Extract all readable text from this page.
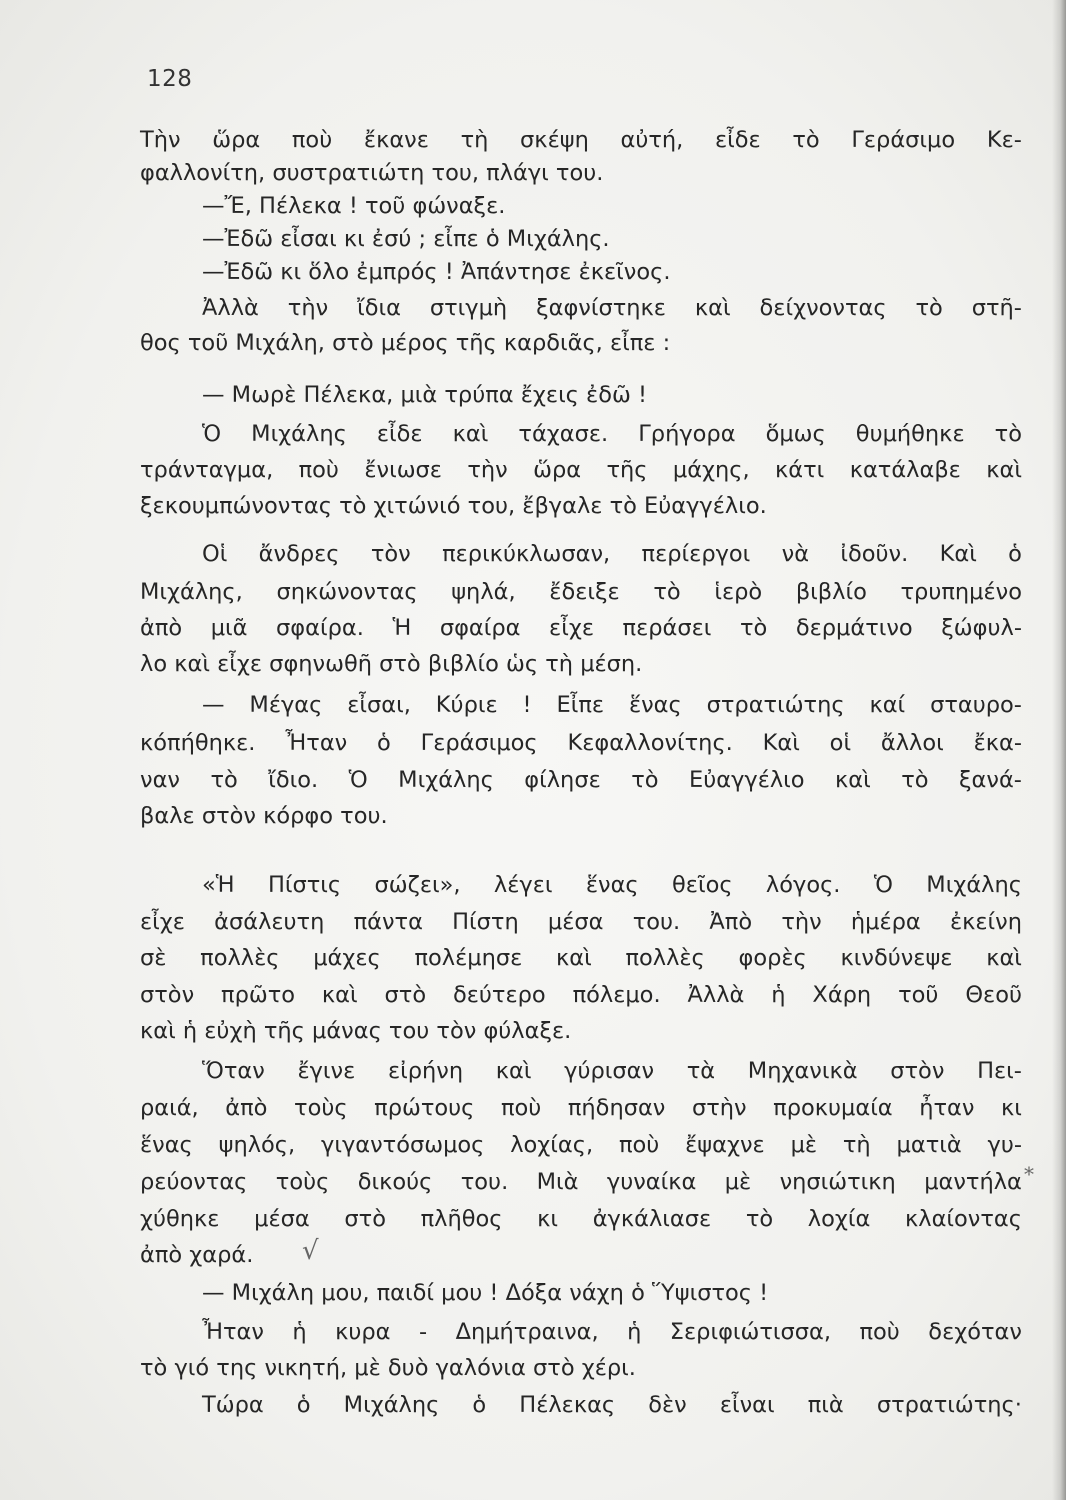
128
Τὴν ὥρα ποὺ ἔκανε τὴ σκέψη αὐτή, εἶδε τὸ Γεράσιμο Κε-
φαλλονίτη, συστρατιώτη του, πλάγι του.
—Ἔ, Πέλεκα ! τοῦ φώναξε.
—Ἐδῶ εἶσαι κι ἐσύ ; εἶπε ὁ Μιχάλης.
—Ἐδῶ κι ὅλο ἐμπρός ! Ἀπάντησε ἐκεῖνος.
Ἀλλὰ τὴν ἴδια στιγμὴ ξαφνίστηκε καὶ δείχνοντας τὸ στῆ-
θος τοῦ Μιχάλη, στὸ μέρος τῆς καρδιᾶς, εἶπε :
— Μωρὲ Πέλεκα, μιὰ τρύπα ἔχεις ἐδῶ !
Ὁ Μιχάλης εἶδε καὶ τάχασε. Γρήγορα ὅμως θυμήθηκε τὸ
τράνταγμα, ποὺ ἔνιωσε τὴν ὥρα τῆς μάχης, κάτι κατάλαβε καὶ
ξεκουμπώνοντας τὸ χιτώνιό του, ἔβγαλε τὸ Εὐαγγέλιο.
Οἱ ἄνδρες τὸν περικύκλωσαν, περίεργοι νὰ ἰδοῦν. Καὶ ὁ
Μιχάλης, σηκώνοντας ψηλά, ἔδειξε τὸ ἱερὸ βιβλίο τρυπημένο
ἀπὸ μιᾶ σφαίρα. Ἡ σφαίρα εἶχε περάσει τὸ δερμάτινο ξώφυλ-
λο καὶ εἶχε σφηνωθῆ στὸ βιβλίο ὡς τὴ μέση.
— Μέγας εἶσαι, Κύριε ! Εἶπε ἕνας στρατιώτης καί σταυρο-
κόπήθηκε. Ἦταν ὁ Γεράσιμος Κεφαλλονίτης. Καὶ οἱ ἄλλοι ἔκα-
ναν τὸ ἴδιο. Ὁ Μιχάλης φίλησε τὸ Εὐαγγέλιο καὶ τὸ ξανά-
βαλε στὸν κόρφο του.
«Ἡ Πίστις σώζει», λέγει ἕνας θεῖος λόγος. Ὁ Μιχάλης
εἶχε ἀσάλευτη πάντα Πίστη μέσα του. Ἀπὸ τὴν ἡμέρα ἐκείνη
σὲ πολλὲς μάχες πολέμησε καὶ πολλὲς φορὲς κινδύνεψε καὶ
στὸν πρῶτο καὶ στὸ δεύτερο πόλεμο. Ἀλλὰ ἡ Χάρη τοῦ Θεοῦ
καὶ ἡ εὐχὴ τῆς μάνας του τὸν φύλαξε.
Ὅταν ἔγινε εἰρήνη καὶ γύρισαν τὰ Μηχανικὰ στὸν Πει-
ραιά, ἀπὸ τοὺς πρώτους ποὺ πήδησαν στὴν προκυμαία ἦταν κι
ἕνας ψηλός, γιγαντόσωμος λοχίας, ποὺ ἔψαχνε μὲ τὴ ματιὰ γυ-
ρεύοντας τοὺς δικούς του. Μιὰ γυναίκα μὲ νησιώτικη μαντήλα
χύθηκε μέσα στὸ πλῆθος κι ἀγκάλιασε τὸ λοχία κλαίοντας
ἀπὸ χαρά.
— Μιχάλη μου, παιδί μου ! Δόξα νάχη ὁ Ὕψιστος !
Ἦταν ἡ κυρα - Δημήτραινα, ἡ Σεριφιώτισσα, ποὺ δεχόταν
τὸ γιό της νικητή, μὲ δυὸ γαλόνια στὸ χέρι.
Τώρα ὁ Μιχάλης ὁ Πέλεκας δὲν εἶναι πιὰ στρατιώτης·
*
√
